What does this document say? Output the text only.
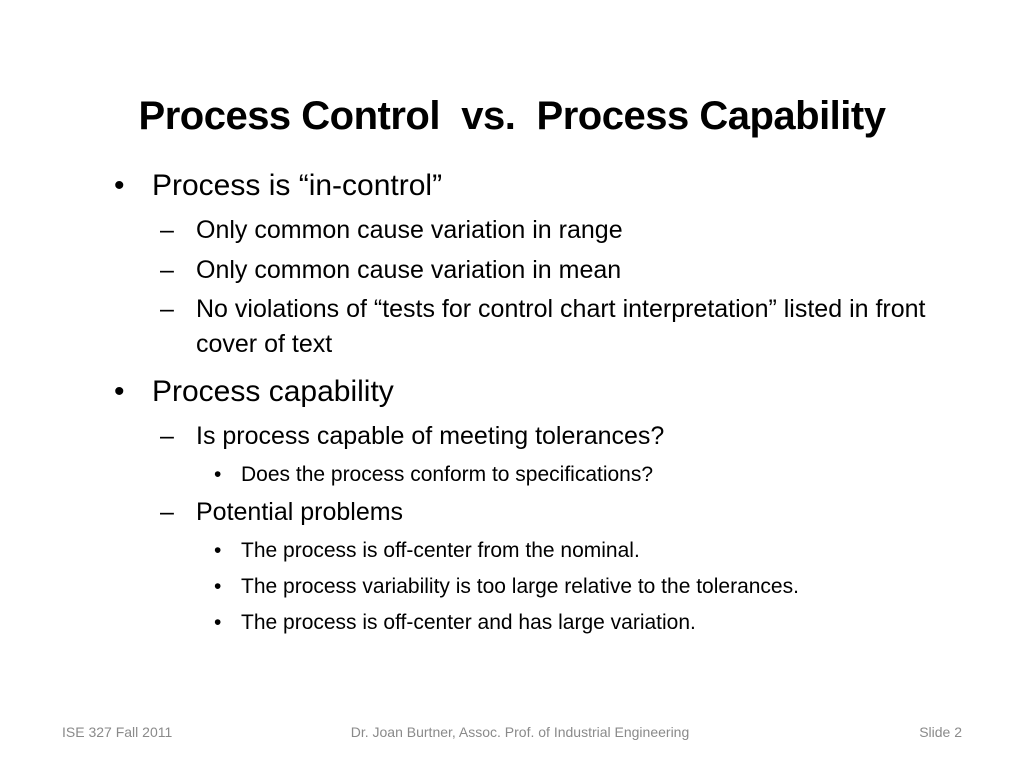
Process Control  vs.  Process Capability
• Process is “in-control”
– Only common cause variation in range
– Only common cause variation in mean
– No violations of “tests for control chart interpretation” listed in front cover of text
• Process capability
– Is process capable of meeting tolerances?
• Does the process conform to specifications?
– Potential problems
• The process is off-center from the nominal.
• The process variability is too large relative to the tolerances.
• The process is off-center and has large variation.
ISE 327 Fall 2011	Dr. Joan Burtner, Assoc. Prof. of Industrial Engineering	Slide 2
